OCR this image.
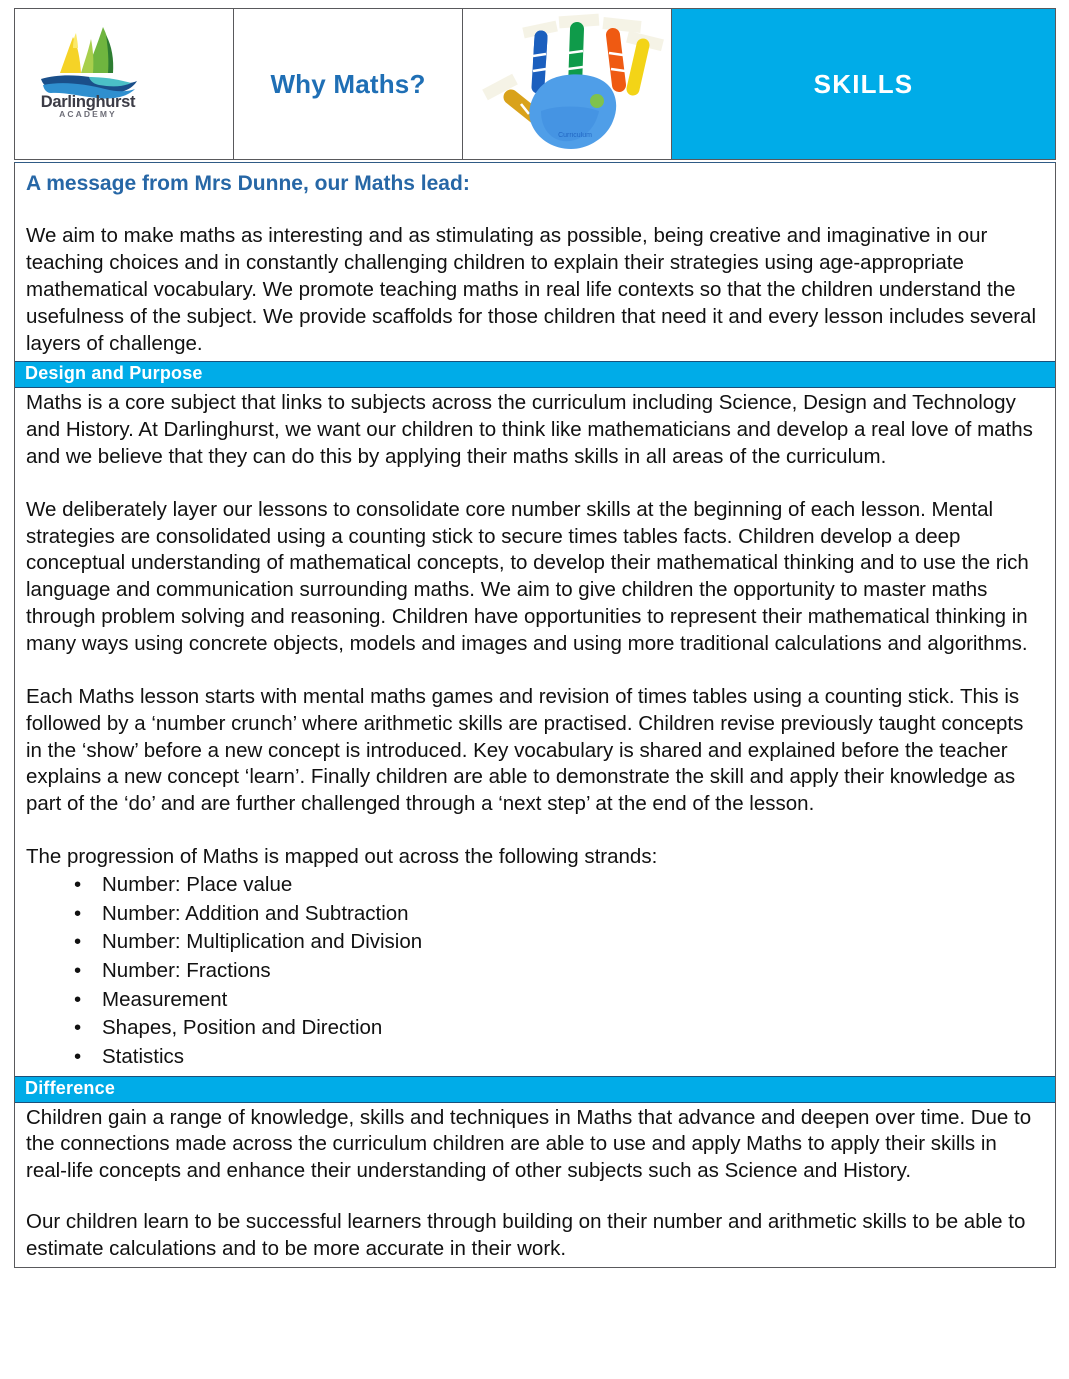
Darlinghurst
ACADEMY
Why Maths?
Curriculum
SKILLS
A message from Mrs Dunne, our Maths lead:

We aim to make maths as interesting and as stimulating as possible, being creative and imaginative in our teaching choices and in constantly challenging children to explain their strategies using age-appropriate mathematical vocabulary. We promote teaching maths in real life contexts so that the children understand the usefulness of the subject. We provide scaffolds for those children that need it and every lesson includes several layers of challenge.

Design and Purpose

Maths is a core subject that links to subjects across the curriculum including Science, Design and Technology and History. At Darlinghurst, we want our children to think like mathematicians and develop a real love of maths and we believe that they can do this by applying their maths skills in all areas of the curriculum.

We deliberately layer our lessons to consolidate core number skills at the beginning of each lesson. Mental strategies are consolidated using a counting stick to secure times tables facts. Children develop a deep conceptual understanding of mathematical concepts, to develop their mathematical thinking and to use the rich language and communication surrounding maths. We aim to give children the opportunity to master maths through problem solving and reasoning. Children have opportunities to represent their mathematical thinking in many ways using concrete objects, models and images and using more traditional calculations and algorithms.

Each Maths lesson starts with mental maths games and revision of times tables using a counting stick. This is followed by a ‘number crunch’ where arithmetic skills are practised. Children revise previously taught concepts in the ‘show’ before a new concept is introduced. Key vocabulary is shared and explained before the teacher explains a new concept ‘learn’. Finally children are able to demonstrate the skill and apply their knowledge as part of the ‘do’ and are further challenged through a ‘next step’ at the end of the lesson.

The progression of Maths is mapped out across the following strands:

• Number: Place value
• Number: Addition and Subtraction
• Number: Multiplication and Division
• Number: Fractions
• Measurement
• Shapes, Position and Direction
• Statistics
Difference

Children gain a range of knowledge, skills and techniques in Maths that advance and deepen over time. Due to the connections made across the curriculum children are able to use and apply Maths to apply their skills in real-life concepts and enhance their understanding of other subjects such as Science and History.

Our children learn to be successful learners through building on their number and arithmetic skills to be able to estimate calculations and to be more accurate in their work.
